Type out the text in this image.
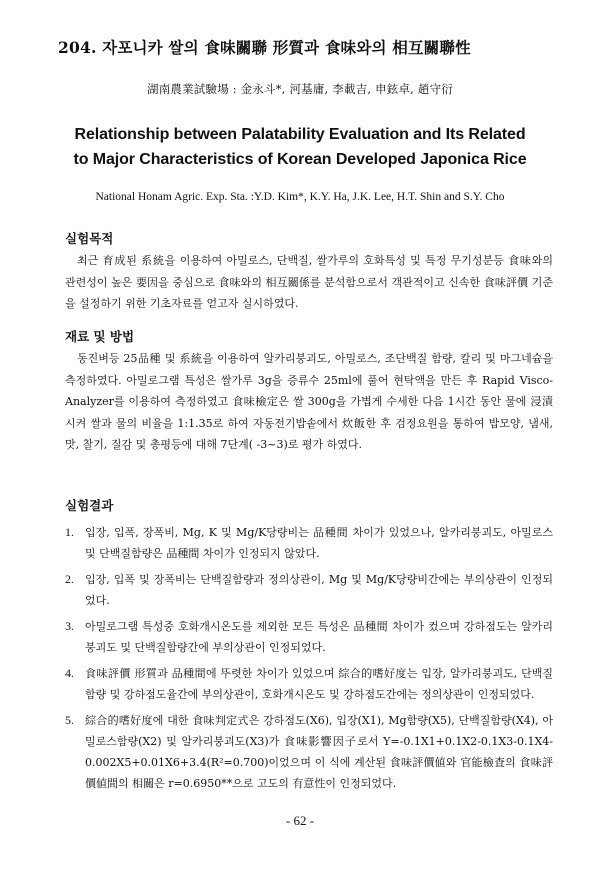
204. 자포니카 쌀의 食味關聯 形質과 食味와의 相互關聯性
湖南農業試驗場 : 金永斗*, 河基庸, 李載吉, 申鉉卓, 趙守衍
Relationship between Palatability Evaluation and Its Related
to Major Characteristics of Korean Developed Japonica Rice
National Honam Agric. Exp. Sta. :Y.D. Kim*, K.Y. Ha, J.K. Lee, H.T. Shin and S.Y. Cho
실험목적
최근 育成된 系統을 이용하여 아밀로스, 단백질, 쌀가루의 호화특성 및 특정 무기성분등 食味와의 관련성이 높은 要因을 중심으로 食味와의 相互關係를 분석함으로서 객관적이고 신속한 食味評價 기준을 설정하기 위한 기초자료를 얻고자 실시하였다.
재료 및 방법
동진벼등 25品種 및 系統을 이용하여 알카리붕괴도, 아밀로스, 조단백질 함량, 칼리 및 마그네슘을 측정하였다. 아밀로그램 특성은 쌀가루 3g을 증류수 25ml에 풀어 현탁액을 만든 후 Rapid Visco-Analyzer를 이용하여 측정하였고 食味檢定은 쌀 300g을 가볍게 수세한 다음 1시간 동안 물에 浸漬시켜 쌀과 물의 비율을 1:1.35로 하여 자동전기밥솥에서 炊飯한 후 검정요원을 통하여 밥모양, 냄새, 맛, 찰기, 질감 및 총평등에 대해 7단계( -3~3)로 평가 하였다.
실험결과
1. 입장, 입폭, 장폭비, Mg, K 및 Mg/K당량비는 品種間 차이가 있었으나, 알카리붕괴도, 아밀로스 및 단백질함량은 品種間 차이가 인정되지 않았다.
2. 입장, 입폭 및 장폭비는 단백질함량과 정의상관이, Mg 및 Mg/K당량비간에는 부의상관이 인정되었다.
3. 아밀로그램 특성중 호화개시온도를 제외한 모든 특성은 品種間 차이가 컸으며 강하점도는 알카리붕괴도 및 단백질함량간에 부의상관이 인정되었다.
4. 食味評價 形質과 品種間에 뚜렷한 차이가 있었으며 綜合的嗜好度는 입장, 알카리붕괴도, 단백질함량 및 강하점도율간에 부의상관이, 호화개시온도 및 강하점도간에는 정의상관이 인정되었다.
5. 綜合的嗜好度에 대한 食味判定式은 강하점도(X6), 입장(X1), Mg함량(X5), 단백질함량(X4), 아밀로스함량(X2) 및 알카리붕괴도(X3)가 食味影響因子로서 Y=-0.1X1+0.1X2-0.1X3-0.1X4-0.002X5+0.01X6+3.4(R²=0.700)이었으며 이 식에 계산된 食味評價値와 官能檢査의 食味評價値間의 相關은 r=0.6950**으로 고도의 有意性이 인정되었다.
- 62 -
